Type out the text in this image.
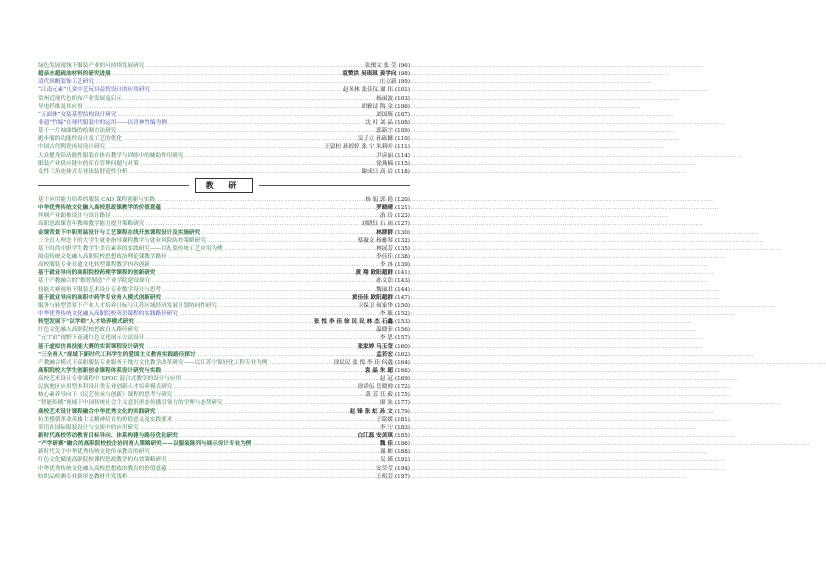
绿色发展视域下服装产业的可持续发展研究 .....	张俊文 张 莹 (96)
超亲水超疏油材料的研究进展 .....	袁赞洪 吴琪琪 姜学向 (98)
清代风帽装饰工艺研究 .....	庄立新 (99)
“江南元素”儿童中艺玩具益智设计的应用研究 .....	赵冬林 张佳仪 谢 伟 (101)
常州近现代色织布产业发展及启示 .....	杨丽波 (103)
导电纤维及其应用 .....	胡雅诗 陶 金 (106)
“五面体”女装基型结构设计研究 .....	刘国辉 (107)
非遗“竹编”在现代服装中的运用——以青神竹编为例 .....	沈 叶 刘 晶 (108)
基于一片袖曲线的绘制方法研究 .....	郭新宇 (109)
跑步服的功能性设计及工艺的优化 .....	吴子立 孙砺姗 (110)
中国古代陶瓷再局设计研究 .....	王留桓 孙婷婷 张 宁 朱莉叶 (111)
大众健身陪动能性服装在体育教学与训练中的辅助作用研究 .....	尹彦丽 (114)
服装产业供应链中的库存管理问题与对策 .....	徐燕楠 (115)
女性三角连体式专业泳装舒适性分析 .....	谢成只 高 岩 (118)
教 研
基于应用能力培养的服装 CAD 课程创新与实践 .....	杨 旭 郭 艳 (120)
中华优秀传统文化融入高校思政课教学的价值意蕴 .....	罗晓晴 (121)
丝绸产业助推设计与设计路径 .....	游 玲 (123)
高职思政课青年教师教学能力提升策略研究 .....	刘晓钰 石 雨 (127)
金课背景下中职男装设计与工艺课程在线开放课程设计及实施研究 .....	林群群 (130)
三全育人理念下的大学生就业指导课程教学与就业风险防控策略研究 .....	蔡薇文 杨雅琴 (132)
基于时尚中职学生教学生美育素养的实践研究——以扎染传统工艺应用为例 .....	林展芳 (135)
闽南传统文化融入高职院校思想政治理论课教学路径 .....	李佳佳 (138)
高校服装专业非遗文化转型课程教学内容创新 .....	李 冉 (139)
基于就业导向的高职院校药理学课程的创新研究 .....	黄 翔 欧阳超群 (141)
基于产教融合的“数智制造”产业学院建设探究 .....	孙文浩 (143)
技能大赛视角下服装艺术设计专业数学设计与思考 .....	魏丽君 (144)
基于就业导向的高职中药学专业育人模式创新研究 .....	黄佳佳 欧阳超群 (147)
服务与转型背景下产业人才培养日标与江苏区域经济发展计划协同性研究 .....	卫保卫 何家华 (150)
中华优秀传统文化融入高职院校英语课程的实践路径研究 .....	李 筱 (152)
转型发展下“以学师”人才培养模式研究 .....	张 悦 李 佳 徐 民 民 林 杰 石鑫 (153)
红色文化融入高职院校思政育人路径研究 .....	温晓菲 (156)
“元宇宙”视野下南通红色文化展示方法设计 .....	李 思 (157)
基于虚拟仿真技能大赛的实训课程设计研究 .....	张家婷 马玉莹 (160)
“三全育人”视域下新时代工科学生的爱国主义教育实践路径探讨 .....	孟若宏 (162)
产教融合模式下高职服装专业服务于地方文化教学改革研究——以江苏宁锦轻化工程专业为例 .....	徐民民 张 悦 李 佳 何鑫 (164)
高职院校大学生创新创业课程体系设计研究与实践 .....	袁 晶 朱 超 (166)
高校艺术设计专业课程中 SPOC 混合式教学的设计与应用 .....	赵 冠 (169)
民族地区应用型本科设计类专业创新人才培养模式研究 .....	徐祥伍 岳晓帅 (172)
核心素养导向下《民艺传承与创新》课程的思考与研究 .....	黄 芳 任 毅 (175)
“智能传播”视域下中国传统社会主义意识形态传播引领力的学理与态势研究 .....	廖 朱 (177)
高校艺术设计课程融合中华优秀文化的实践研究 .....	赵 锋 张 虹 孙 文 (179)
抗美援朝革命英雄主义精神培育的价值意义及实践要求 .....	于铭媛 (181)
英语在国际服装设计与交流中的应用研究 .....	李 宁 (183)
新时代高校劳动教育目标导向、体系构建与路径优化研究 .....	白江磊 安美琪 (185)
“产学研赛”融合的高职院校校企协同育人策略研究——以服装陈列与展示设计专业为例 .....	魏 佳 (186)
新时代关于中华优秀传统文化传承教育的研究 .....	谢 彬 (188)
红色文化赋能高职院校课程思政教学的有效策略研究 .....	吴 瑛 (191)
中华优秀传统文化融入高校思想政治教育的价值意蕴 .....	安莹莹 (194)
纺织品检测专业新形态教材开发浅析 .....	王明芳 (197)
